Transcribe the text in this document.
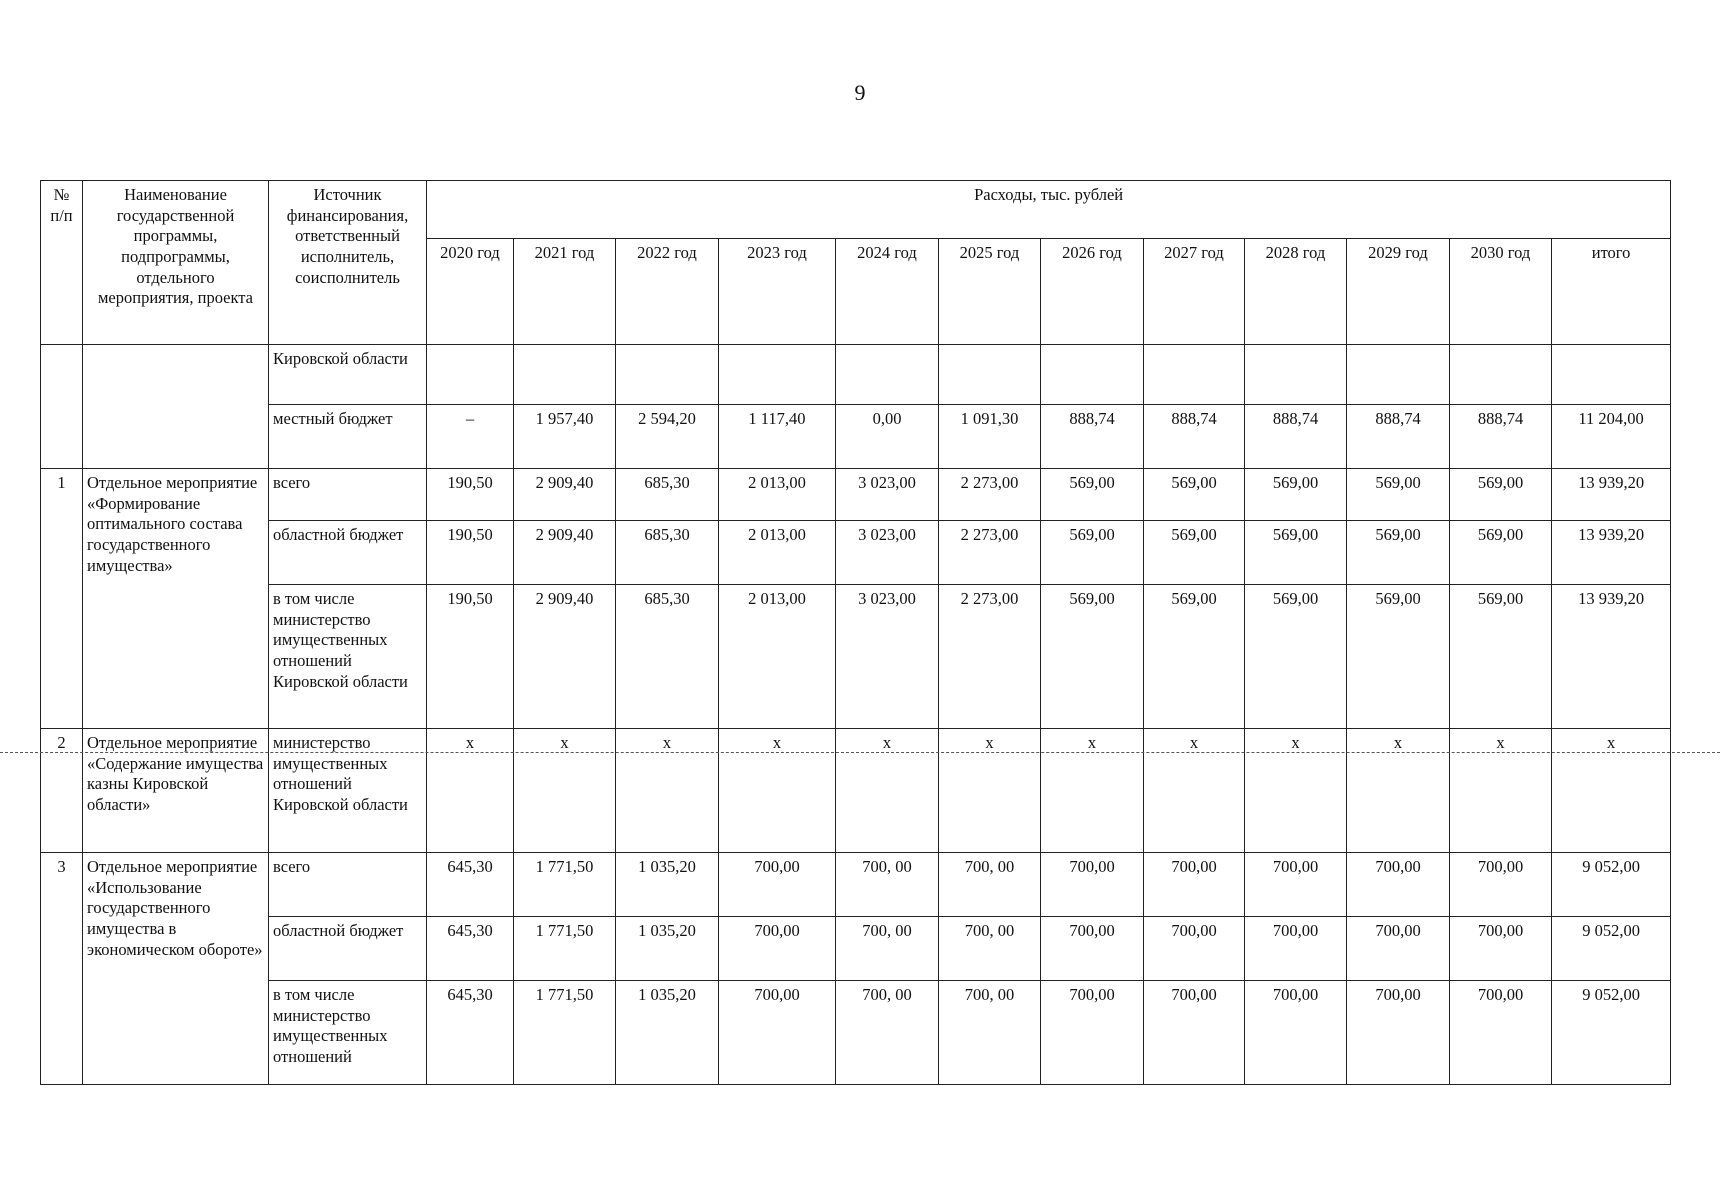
9
№ п/п	Наименование государственной программы, подпрограммы, отдельного мероприятия, проекта	Источник финансирования, ответственный исполнитель, соисполнитель	Расходы, тыс. рублей											
			2020 год	2021 год	2022 год	2023 год	2024 год	2025 год	2026 год	2027 год	2028 год	2029 год	2030 год	итого
		Кировской области												
		местный бюджет	–	1 957,40	2 594,20	1 117,40	0,00	1 091,30	888,74	888,74	888,74	888,74	888,74	11 204,00
1	Отдельное мероприятие «Формирование оптимального состава государственного имущества»	всего	190,50	2 909,40	685,30	2 013,00	3 023,00	2 273,00	569,00	569,00	569,00	569,00	569,00	13 939,20
		областной бюджет	190,50	2 909,40	685,30	2 013,00	3 023,00	2 273,00	569,00	569,00	569,00	569,00	569,00	13 939,20
		в том числе министерство имущественных отношений Кировской области	190,50	2 909,40	685,30	2 013,00	3 023,00	2 273,00	569,00	569,00	569,00	569,00	569,00	13 939,20
2	Отдельное мероприятие «Содержание имущества казны Кировской области»	министерство имущественных отношений Кировской области	x	x	x	x	x	x	x	x	x	x	x	x
3	Отдельное мероприятие «Использование государственного имущества в экономическом обороте»	всего	645,30	1 771,50	1 035,20	700,00	700, 00	700, 00	700,00	700,00	700,00	700,00	700,00	9 052,00
		областной бюджет	645,30	1 771,50	1 035,20	700,00	700, 00	700, 00	700,00	700,00	700,00	700,00	700,00	9 052,00
		в том числе министерство имущественных отношений	645,30	1 771,50	1 035,20	700,00	700, 00	700, 00	700,00	700,00	700,00	700,00	700,00	9 052,00
